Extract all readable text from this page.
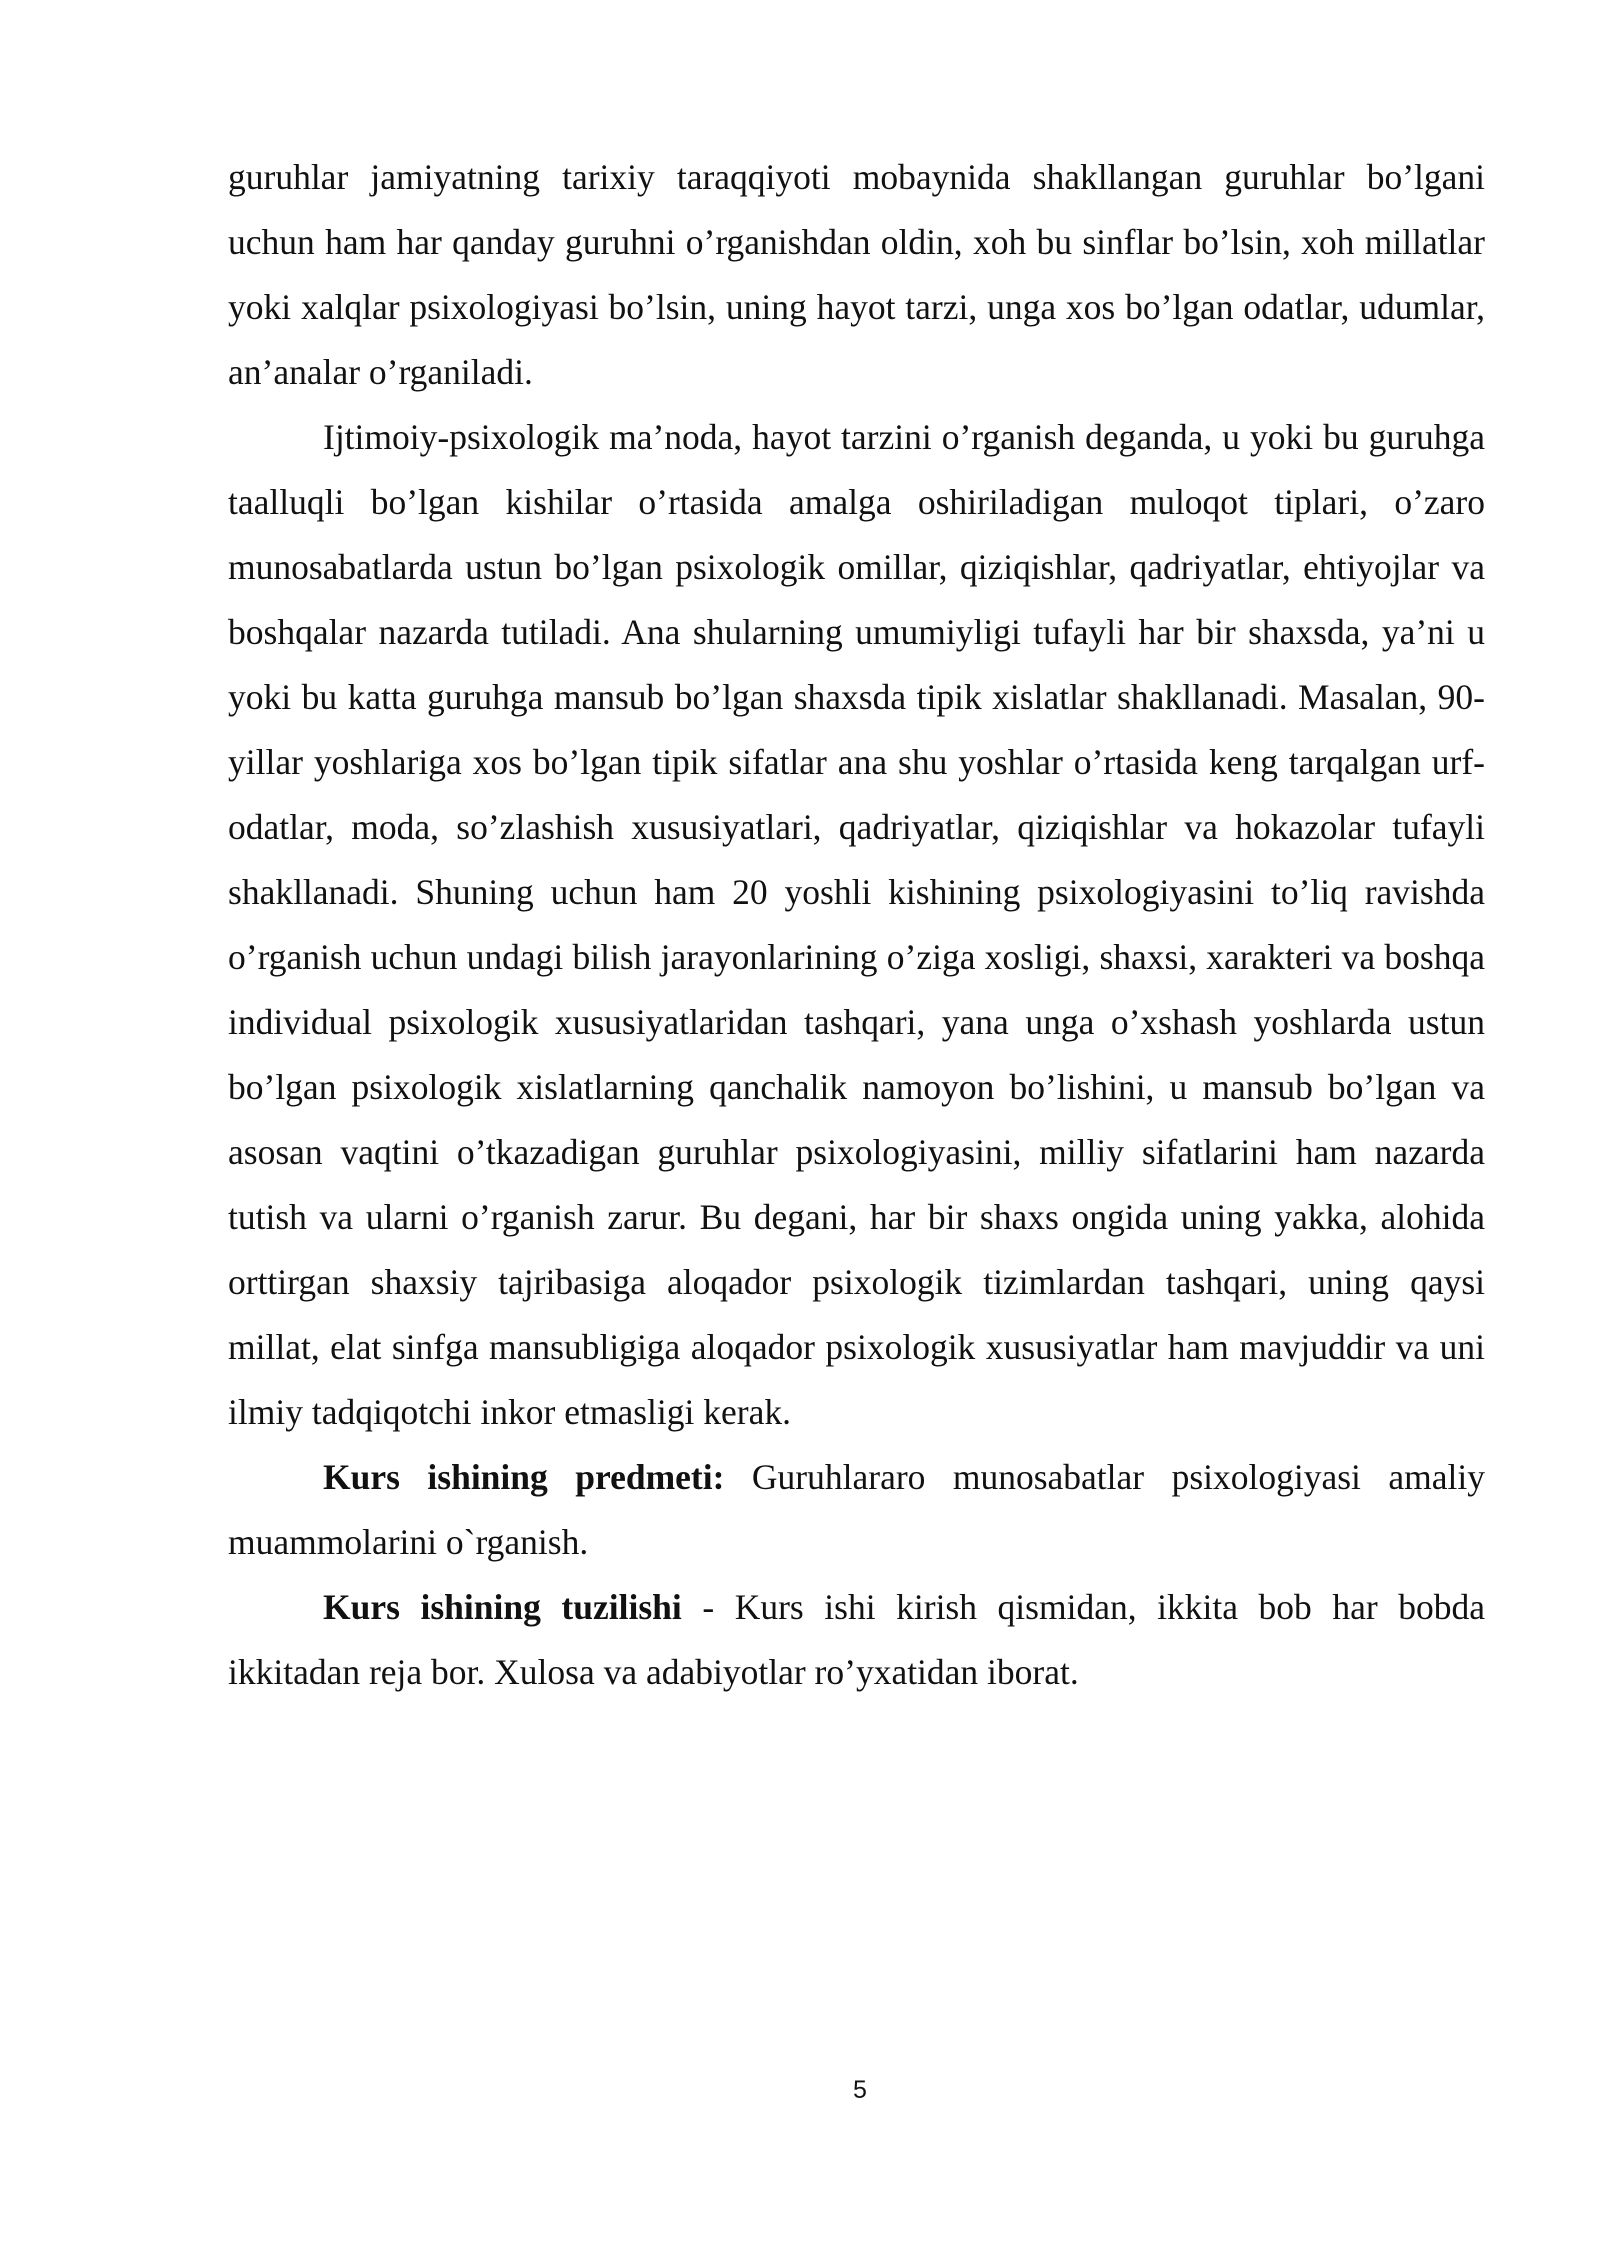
guruhlar jamiyatning tarixiy taraqqiyoti mobaynida shakllangan guruhlar bo’lgani uchun ham har qanday guruhni o’rganishdan oldin, xoh bu sinflar bo’lsin, xoh millatlar yoki xalqlar psixologiyasi bo’lsin, uning hayot tarzi, unga xos bo’lgan odatlar, udumlar, an’analar o’rganiladi.

Ijtimoiy-psixologik ma’noda, hayot tarzini o’rganish deganda, u yoki bu guruhga taalluqli bo’lgan kishilar o’rtasida amalga oshiriladigan muloqot tiplari, o’zaro munosabatlarda ustun bo’lgan psixologik omillar, qiziqishlar, qadriyatlar, ehtiyojlar va boshqalar nazarda tutiladi. Ana shularning umumiyligi tufayli har bir shaxsda, ya’ni u yoki bu katta guruhga mansub bo’lgan shaxsda tipik xislatlar shakllanadi. Masalan, 90-yillar yoshlariga xos bo’lgan tipik sifatlar ana shu yoshlar o’rtasida keng tarqalgan urf-odatlar, moda, so’zlashish xususiyatlari, qadriyatlar, qiziqishlar va hokazolar tufayli shakllanadi. Shuning uchun ham 20 yoshli kishining psixologiyasini to’liq ravishda o’rganish uchun undagi bilish jarayonlarining o’ziga xosligi, shaxsi, xarakteri va boshqa individual psixologik xususiyatlaridan tashqari, yana unga o’xshash yoshlarda ustun bo’lgan psixologik xislatlarning qanchalik namoyon bo’lishini, u mansub bo’lgan va asosan vaqtini o’tkazadigan guruhlar psixologiyasini, milliy sifatlarini ham nazarda tutish va ularni o’rganish zarur. Bu degani, har bir shaxs ongida uning yakka, alohida orttirgan shaxsiy tajribasiga aloqador psixologik tizimlardan tashqari, uning qaysi millat, elat sinfga mansubligiga aloqador psixologik xususiyatlar ham mavjuddir va uni ilmiy tadqiqotchi inkor etmasligi kerak.

Kurs ishining predmeti: Guruhlararo munosabatlar psixologiyasi amaliy muammolarini o`rganish.

Kurs ishining tuzilishi - Kurs ishi kirish qismidan, ikkita bob har bobda ikkitadan reja bor. Xulosa va adabiyotlar ro’yxatidan iborat.

5
